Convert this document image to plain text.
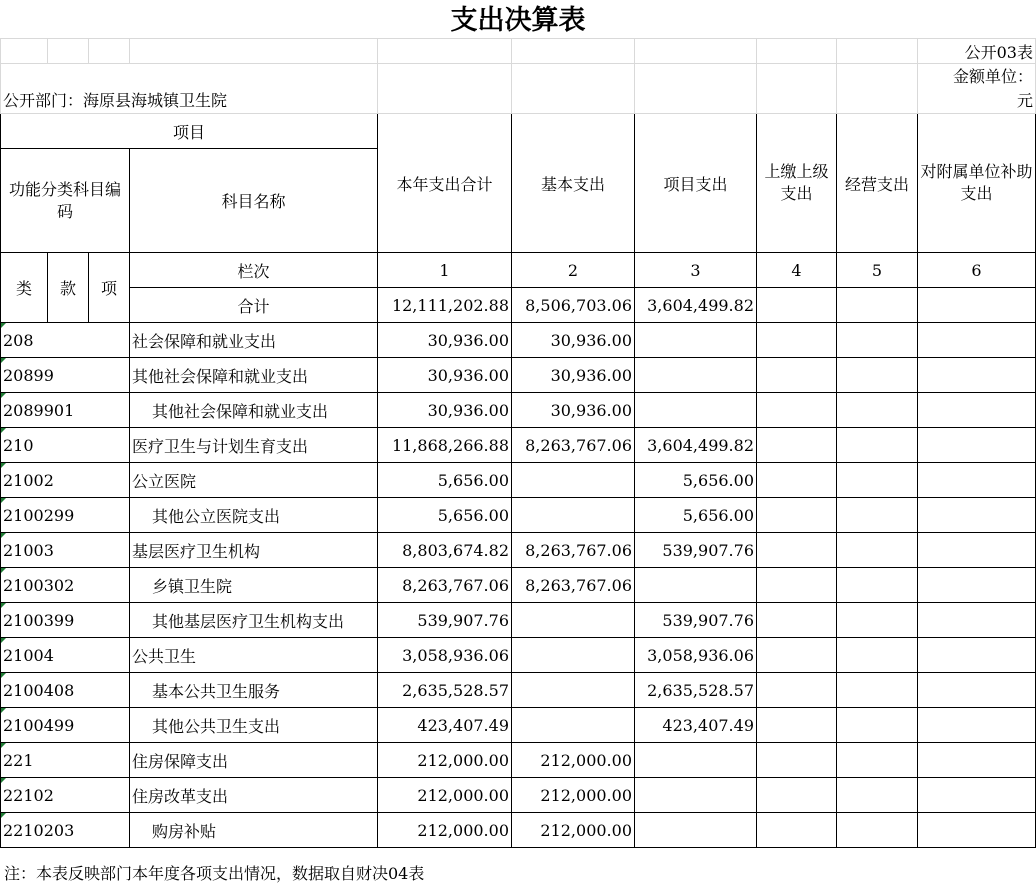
支出决算表
									公开03表
公开部门：海原县海城镇卫生院									金额单位：
元

项目				本年支出合计	基本支出	项目支出	上缴上级支出	经营支出	对附属单位补助支出
功能分类科目编码			科目名称						
类	款	项	栏次	1	2	3	4	5	6
			合计	12,111,202.88	8,506,703.06	3,604,499.82			
208			社会保障和就业支出	30,936.00	30,936.00				
20899			其他社会保障和就业支出	30,936.00	30,936.00				
2089901			其他社会保障和就业支出	30,936.00	30,936.00				
210			医疗卫生与计划生育支出	11,868,266.88	8,263,767.06	3,604,499.82			
21002			公立医院	5,656.00		5,656.00			
2100299			其他公立医院支出	5,656.00		5,656.00			
21003			基层医疗卫生机构	8,803,674.82	8,263,767.06	539,907.76			
2100302			乡镇卫生院	8,263,767.06	8,263,767.06				
2100399			其他基层医疗卫生机构支出	539,907.76		539,907.76			
21004			公共卫生	3,058,936.06		3,058,936.06			
2100408			基本公共卫生服务	2,635,528.57		2,635,528.57			
2100499			其他公共卫生支出	423,407.49		423,407.49			
221			住房保障支出	212,000.00	212,000.00				
22102			住房改革支出	212,000.00	212,000.00				
2210203			购房补贴	212,000.00	212,000.00				

注：本表反映部门本年度各项支出情况，数据取自财决04表
